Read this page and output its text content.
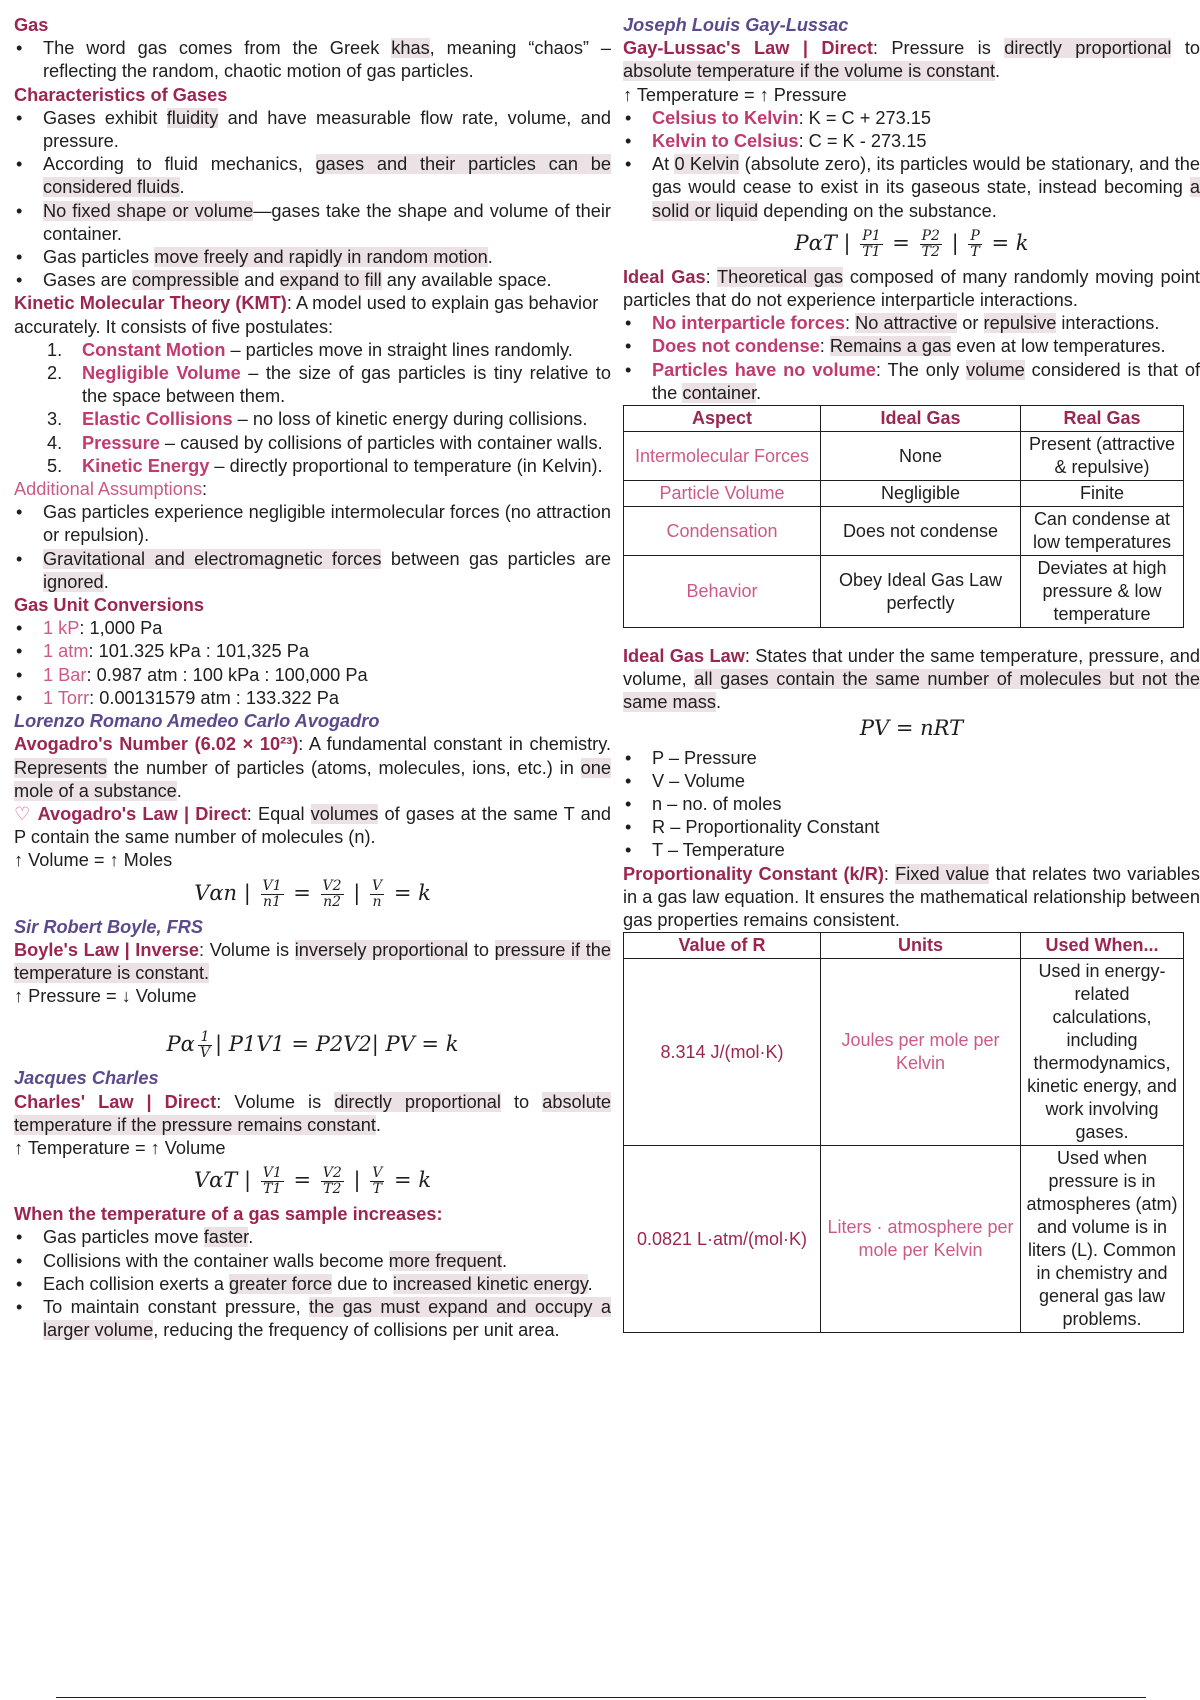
Gas

• The word gas comes from the Greek khas, meaning “chaos” – reflecting the random, chaotic motion of gas particles.

Characteristics of Gases

• Gases exhibit fluidity and have measurable flow rate, volume, and pressure.
• According to fluid mechanics, gases and their particles can be considered fluids.
• No fixed shape or volume—gases take the shape and volume of their container.
• Gas particles move freely and rapidly in random motion.
• Gases are compressible and expand to fill any available space.

Kinetic Molecular Theory (KMT): A model used to explain gas behavior accurately. It consists of five postulates:

1. Constant Motion – particles move in straight lines randomly.
2. Negligible Volume – the size of gas particles is tiny relative to the space between them.
3. Elastic Collisions – no loss of kinetic energy during collisions.
4. Pressure – caused by collisions of particles with container walls.
5. Kinetic Energy – directly proportional to temperature (in Kelvin).

Additional Assumptions:

• Gas particles experience negligible intermolecular forces (no attraction or repulsion).
• Gravitational and electromagnetic forces between gas particles are ignored.

Gas Unit Conversions

• 1 kP: 1,000 Pa
• 1 atm: 101.325 kPa : 101,325 Pa
• 1 Bar: 0.987 atm : 100 kPa : 100,000 Pa
• 1 Torr: 0.00131579 atm : 133.322 Pa

Lorenzo Romano Amedeo Carlo Avogadro

Avogadro's Number (6.02 × 10²³): A fundamental constant in chemistry. Represents the number of particles (atoms, molecules, ions, etc.) in one mole of a substance.

♡ Avogadro's Law | Direct: Equal volumes of gases at the same T and P contain the same number of molecules (n).

↑ Volume = ↑ Moles

Vαn | $\frac{V1}{n1} = \frac{V2}{n2}$ | $\frac{V}{n} = k$

Sir Robert Boyle, FRS

Boyle's Law | Inverse: Volume is inversely proportional to pressure if the temperature is constant.

↑ Pressure = ↓ Volume

Pα $\frac{1}{V}$ | P1V1 = P2V2| PV = k

Jacques Charles

Charles' Law | Direct: Volume is directly proportional to absolute temperature if the pressure remains constant.

↑ Temperature = ↑ Volume

VαT | $\frac{V1}{T1} = \frac{V2}{T2}$ | $\frac{V}{T} = k$

When the temperature of a gas sample increases:

• Gas particles move faster.
• Collisions with the container walls become more frequent.
• Each collision exerts a greater force due to increased kinetic energy.
• To maintain constant pressure, the gas must expand and occupy a larger volume, reducing the frequency of collisions per unit area.

Joseph Louis Gay-Lussac

Gay-Lussac's Law | Direct: Pressure is directly proportional to absolute temperature if the volume is constant.

↑ Temperature = ↑ Pressure

• Celsius to Kelvin: K = C + 273.15
• Kelvin to Celsius: C = K - 273.15
• At 0 Kelvin (absolute zero), its particles would be stationary, and the gas would cease to exist in its gaseous state, instead becoming a solid or liquid depending on the substance.
PαT | $\frac{P1}{T1} = \frac{P2}{T2}$ | $\frac{P}{T} = k$

Ideal Gas: Theoretical gas composed of many randomly moving point particles that do not experience interparticle interactions.

• No interparticle forces: No attractive or repulsive interactions.
• Does not condense: Remains a gas even at low temperatures.
• Particles have no volume: The only volume considered is that of the container.
Aspect	Ideal Gas	Real Gas
Intermolecular Forces	None	Present (attractive & repulsive)
Particle Volume	Negligible	Finite
Condensation	Does not condense	Can condense at low temperatures
Behavior	Obey Ideal Gas Law perfectly	Deviates at high pressure & low temperature

Ideal Gas Law: States that under the same temperature, pressure, and volume, all gases contain the same number of molecules but not the same mass.

PV = nRT
• P – Pressure
• V – Volume
• n – no. of moles
• R – Proportionality Constant
• T – Temperature

Proportionality Constant (k/R): Fixed value that relates two variables in a gas law equation. It ensures the mathematical relationship between gas properties remains consistent.

Value of R	Units	Used When...
8.314 J/(mol·K)	Joules per mole per Kelvin	Used in energy-related calculations, including thermodynamics, kinetic energy, and work involving gases.
0.0821 L·atm/(mol·K)	Liters · atmosphere per mole per Kelvin	Used when pressure is in atmospheres (atm) and volume is in liters (L). Common in chemistry and general gas law problems.
